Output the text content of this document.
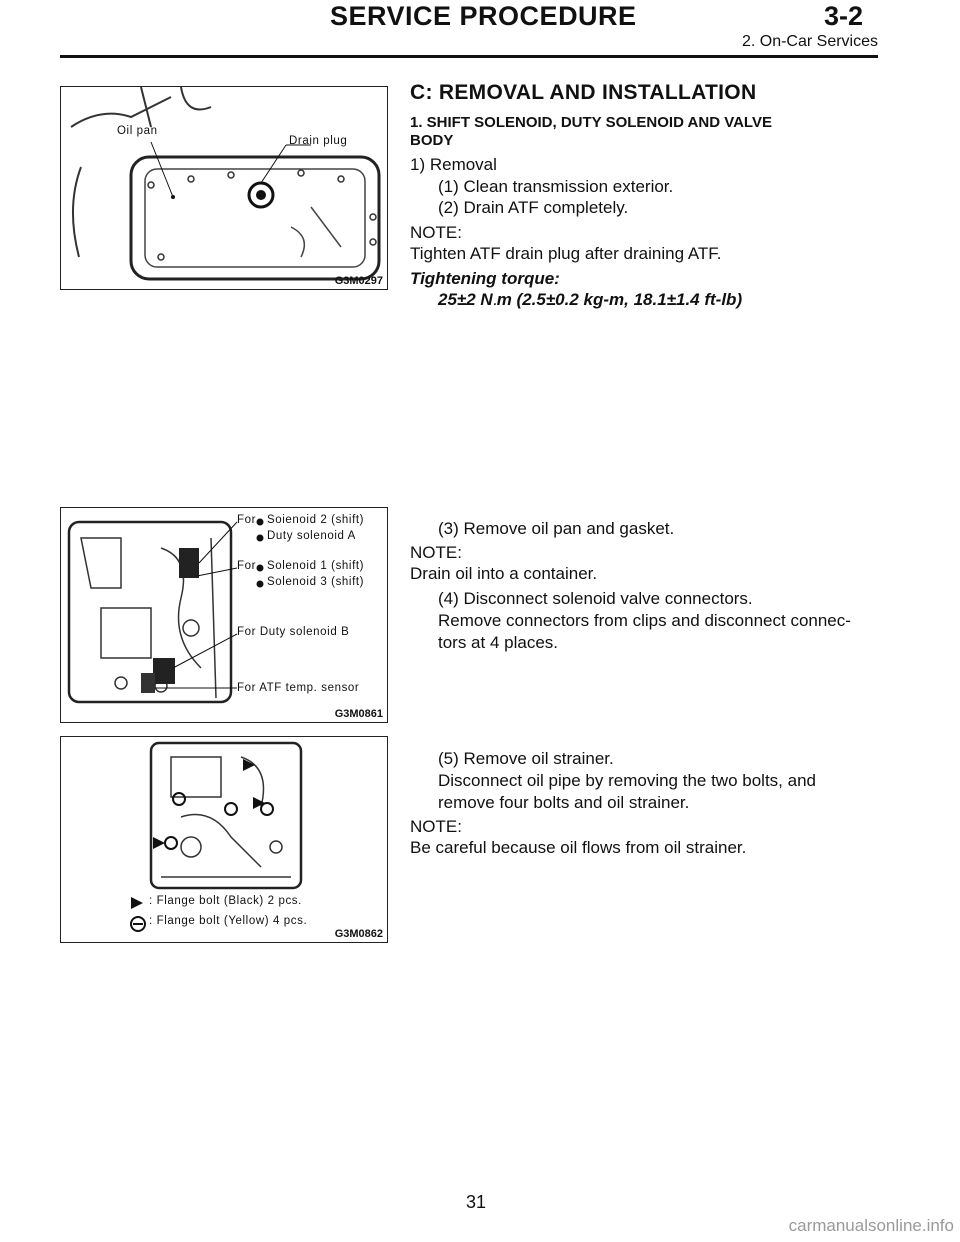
SERVICE PROCEDURE	3-2
2. On-Car Services
Oil pan
Drain plug
G3M0297
For Soienoid 2 (shift)
Duty solenoid A
For Solenoid 1 (shift)
Solenoid 3 (shift)
For Duty solenoid B
For ATF temp. sensor
G3M0861
: Flange bolt (Black) 2 pcs.
: Flange bolt (Yellow) 4 pcs.
G3M0862
C: REMOVAL AND INSTALLATION
1. SHIFT SOLENOID, DUTY SOLENOID AND VALVE
BODY
1) Removal
(1) Clean transmission exterior.
(2) Drain ATF completely.
NOTE:
Tighten ATF drain plug after draining ATF.
Tightening torque:
25±2 N·m (2.5±0.2 kg-m, 18.1±1.4 ft-lb)
(3) Remove oil pan and gasket.
NOTE:
Drain oil into a container.
(4) Disconnect solenoid valve connectors.
Remove connectors from clips and disconnect connec-
tors at 4 places.
(5) Remove oil strainer.
Disconnect oil pipe by removing the two bolts, and
remove four bolts and oil strainer.
NOTE:
Be careful because oil flows from oil strainer.
31
carmanualsonline.info
